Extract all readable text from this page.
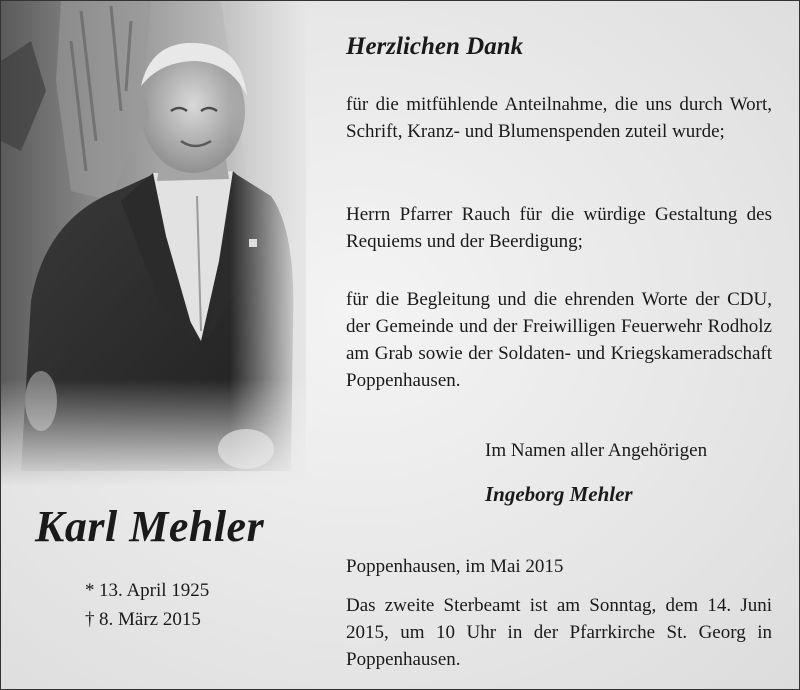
Karl Mehler
* 13. April 1925
† 8. März 2015
Herzlichen Dank

für die mitfühlende Anteilnahme, die uns durch Wort, Schrift, Kranz- und Blumenspenden zuteil wurde;

Herrn Pfarrer Rauch für die würdige Gestaltung des Requiems und der Beerdigung;

für die Begleitung und die ehrenden Worte der CDU, der Gemeinde und der Freiwilligen Feuerwehr Rodholz am Grab sowie der Soldaten- und Kriegskameradschaft Poppenhausen.

Im Namen aller Angehörigen

Ingeborg Mehler

Poppenhausen, im Mai 2015

Das zweite Sterbeamt ist am Sonntag, dem 14. Juni 2015, um 10 Uhr in der Pfarrkirche St. Georg in Poppenhausen.
